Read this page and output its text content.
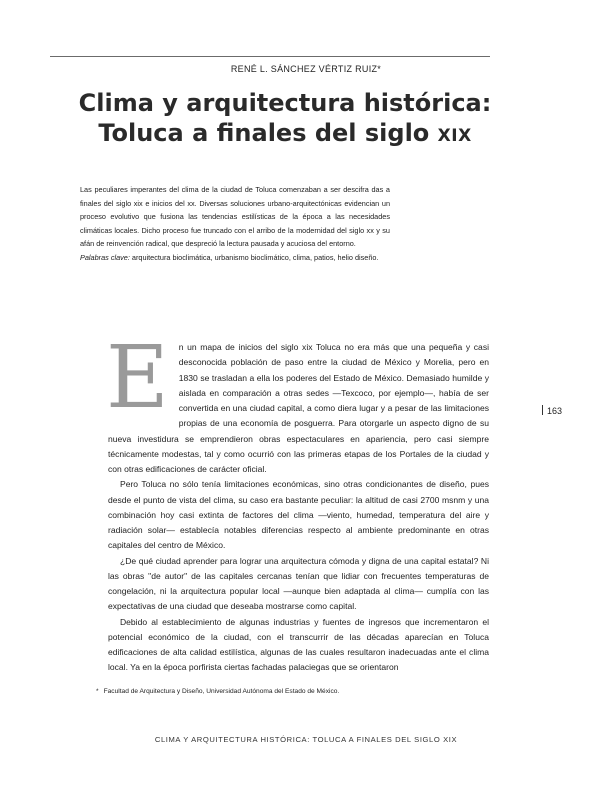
RENÉ L. SÁNCHEZ VÉRTIZ RUIZ*
Clima y arquitectura histórica:
Toluca a finales del siglo XIX

Las peculiares imperantes del clima de la ciudad de Toluca comenzaban a ser descifra das a finales del siglo xix e inicios del xx. Diversas soluciones urbano-arquitectónicas evidencian un proceso evolutivo que fusiona las tendencias estilísticas de la época a las necesidades climáticas locales. Dicho proceso fue truncado con el arribo de la modernidad del siglo xx y su afán de reinvención radical, que despreció la lectura pausada y acuciosa del entorno.

Palabras clave: arquitectura bioclimática, urbanismo bioclimático, clima, patios, helio diseño.

E n un mapa de inicios del siglo xix Toluca no era más que una pequeña y casi desconocida población de paso entre la ciudad de México y Morelia, pero en 1830 se trasladan a ella los poderes del Estado de México. Demasiado humilde y aislada en comparación a otras sedes —Texcoco, por ejemplo—, había de ser convertida en una ciudad capital, a como diera lugar y a pesar de las limitaciones propias de una economía de posguerra. Para otorgarle un aspecto digno de su nueva investidura se emprendieron obras espectaculares en apariencia, pero casi siempre técnicamente modestas, tal y como ocurrió con las primeras etapas de los Portales de la ciudad y con otras edificaciones de carácter oficial.

Pero Toluca no sólo tenía limitaciones económicas, sino otras condicionantes de diseño, pues desde el punto de vista del clima, su caso era bastante peculiar: la altitud de casi 2700 msnm y una combinación hoy casi extinta de factores del clima —viento, humedad, temperatura del aire y radiación solar— establecía notables diferencias respecto al ambiente predominante en otras capitales del centro de México.

¿De qué ciudad aprender para lograr una arquitectura cómoda y digna de una capital estatal? Ni las obras "de autor" de las capitales cercanas tenían que lidiar con frecuentes temperaturas de congelación, ni la arquitectura popular local —aunque bien adaptada al clima— cumplía con las expectativas de una ciudad que deseaba mostrarse como capital.

Debido al establecimiento de algunas industrias y fuentes de ingresos que incrementaron el potencial económico de la ciudad, con el transcurrir de las décadas aparecían en Toluca edificaciones de alta calidad estilística, algunas de las cuales resultaron inadecuadas ante el clima local. Ya en la época porfirista ciertas fachadas palaciegas que se orientaron

163
* Facultad de Arquitectura y Diseño, Universidad Autónoma del Estado de México.
CLIMA Y ARQUITECTURA HISTÓRICA: TOLUCA A FINALES DEL SIGLO XIX
